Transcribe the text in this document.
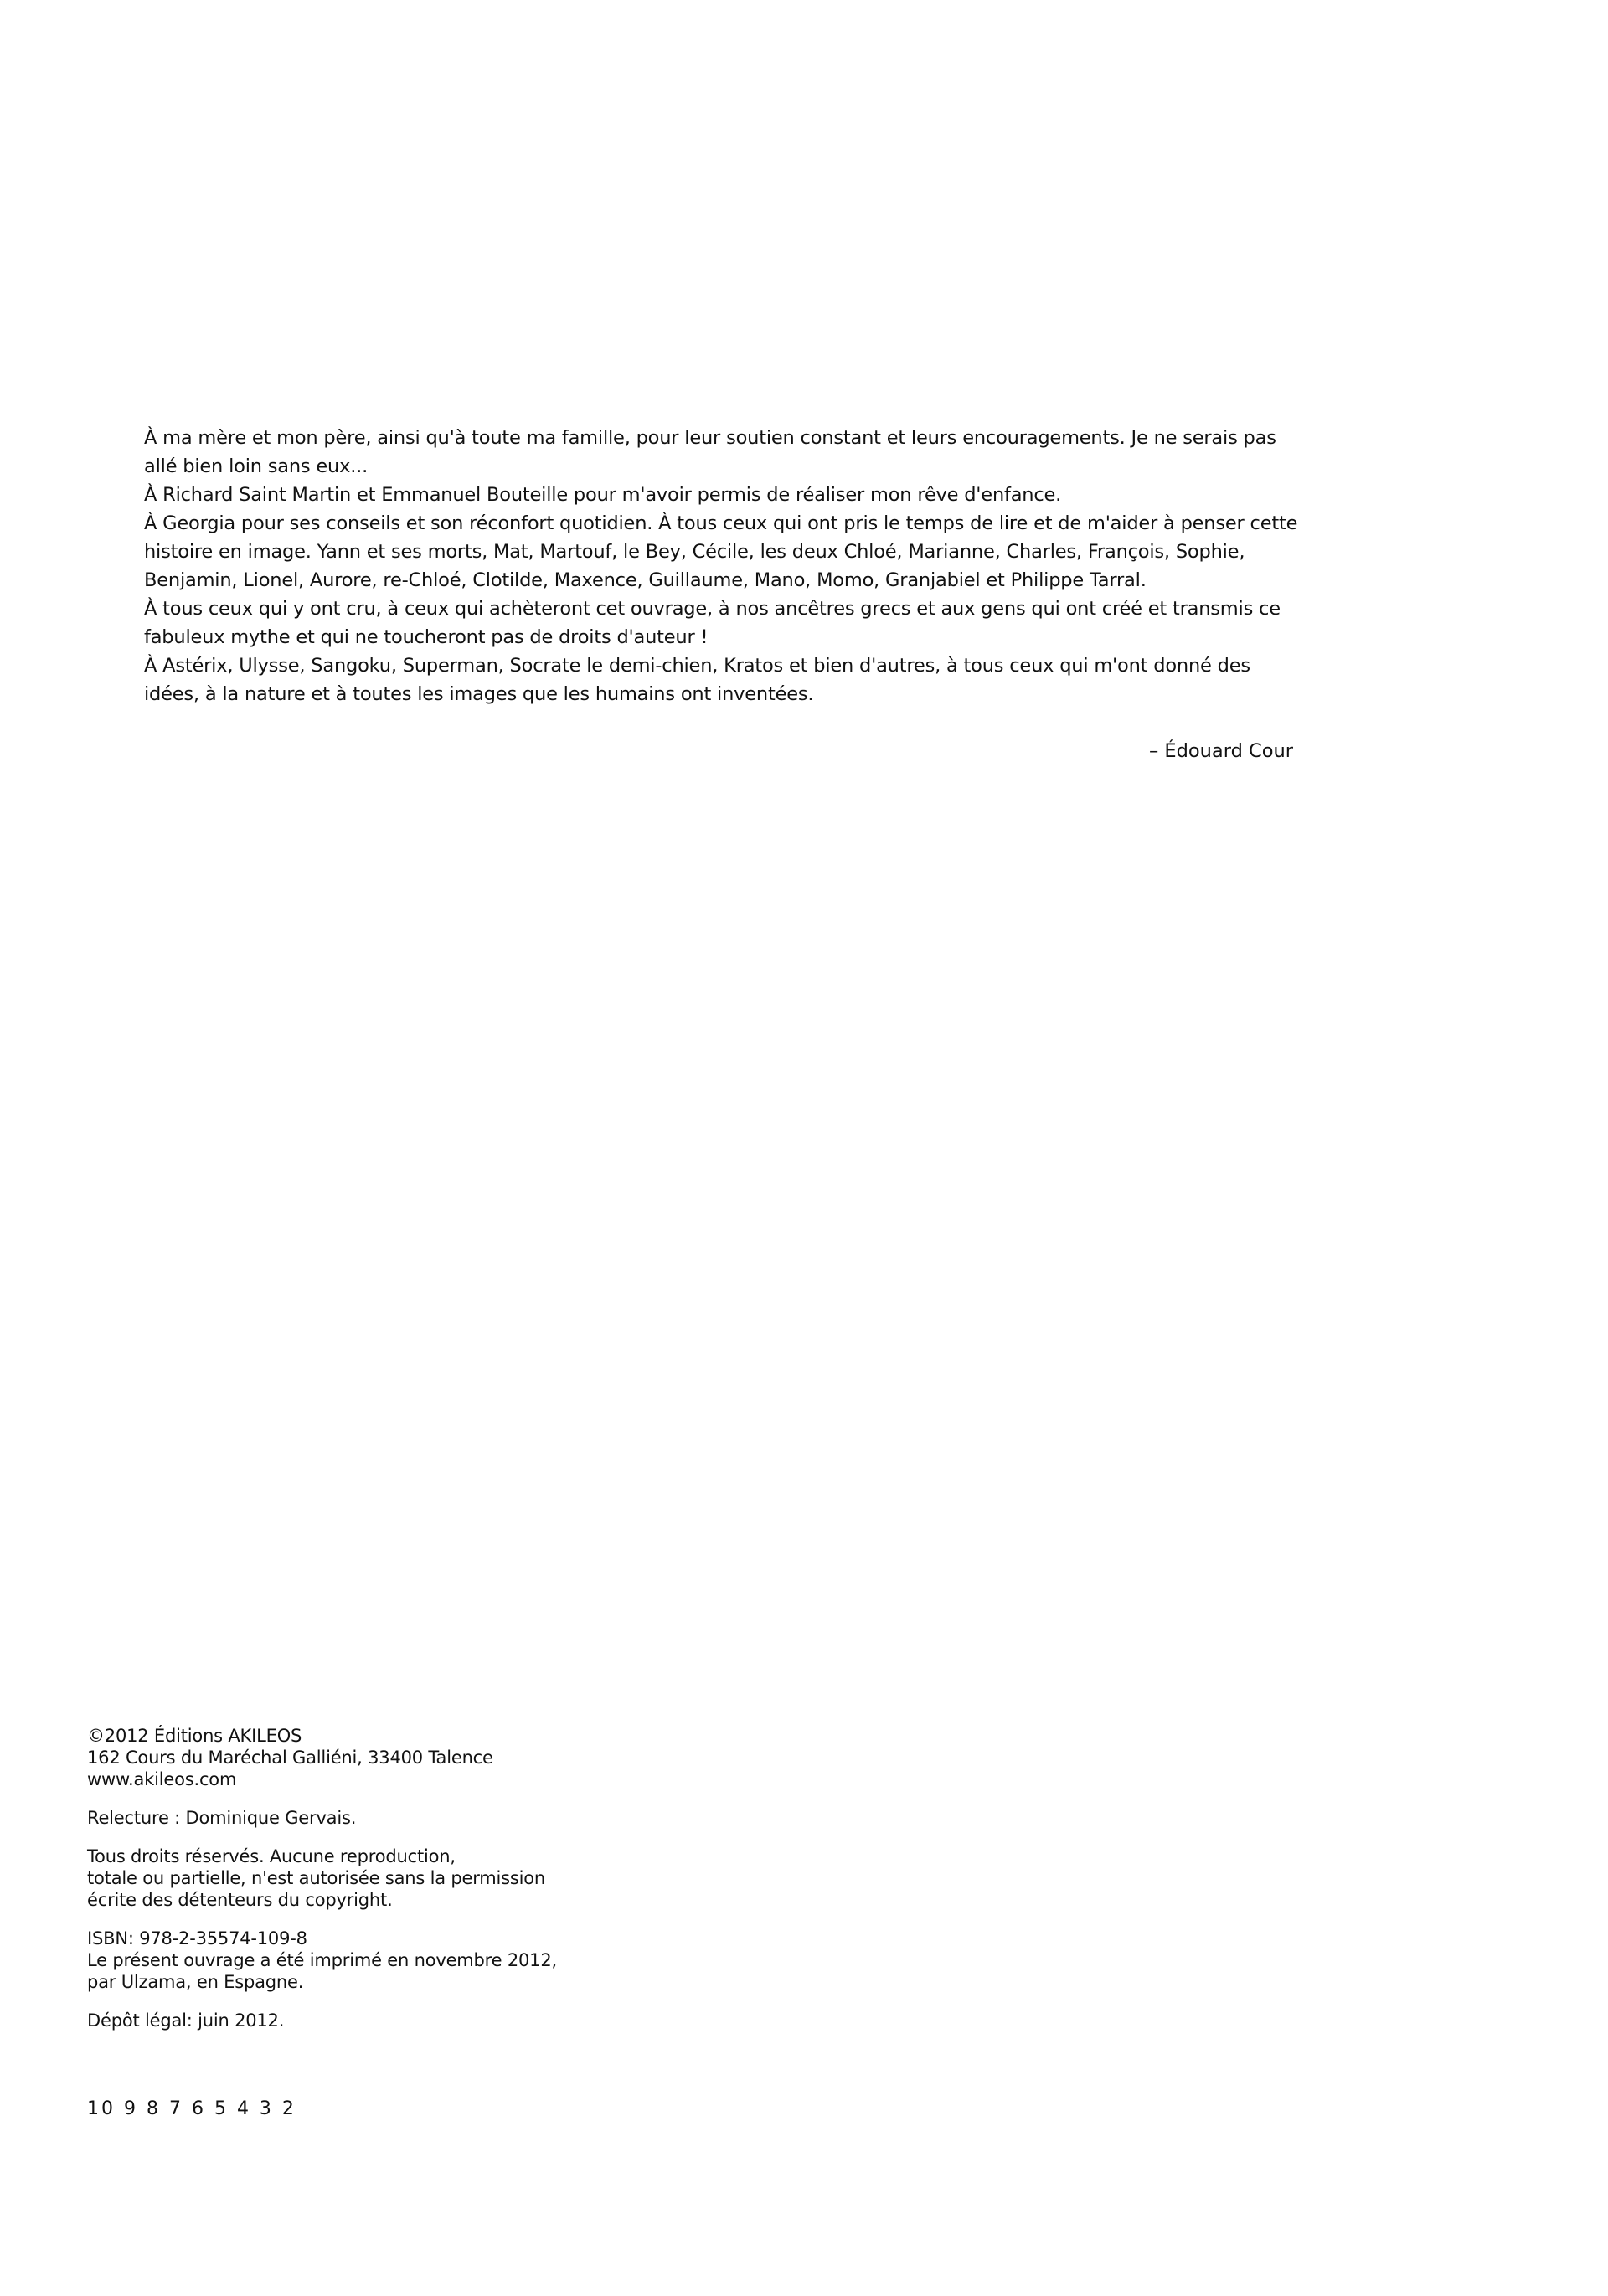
À ma mère et mon père, ainsi qu'à toute ma famille, pour leur soutien constant et leurs encouragements. Je ne serais pas allé bien loin sans eux...

À Richard Saint Martin et Emmanuel Bouteille pour m'avoir permis de réaliser mon rêve d'enfance.

À Georgia pour ses conseils et son réconfort quotidien. À tous ceux qui ont pris le temps de lire et de m'aider à penser cette histoire en image. Yann et ses morts, Mat, Martouf, le Bey, Cécile, les deux Chloé, Marianne, Charles, François, Sophie, Benjamin, Lionel, Aurore, re-Chloé, Clotilde, Maxence, Guillaume, Mano, Momo, Granjabiel et Philippe Tarral.

À tous ceux qui y ont cru, à ceux qui achèteront cet ouvrage, à nos ancêtres grecs et aux gens qui ont créé et transmis ce fabuleux mythe et qui ne toucheront pas de droits d'auteur !

À Astérix, Ulysse, Sangoku, Superman, Socrate le demi-chien, Kratos et bien d'autres, à tous ceux qui m'ont donné des idées, à la nature et à toutes les images que les humains ont inventées.

– Édouard Cour
©2012 Éditions AKILEOS
162 Cours du Maréchal Galliéni, 33400 Talence
www.akileos.com
Relecture : Dominique Gervais.
Tous droits réservés. Aucune reproduction,
totale ou partielle, n'est autorisée sans la permission
écrite des détenteurs du copyright.
ISBN: 978-2-35574-109-8
Le présent ouvrage a été imprimé en novembre 2012,
par Ulzama, en Espagne.
Dépôt légal: juin 2012.
10 9 8 7 6 5 4 3 2
